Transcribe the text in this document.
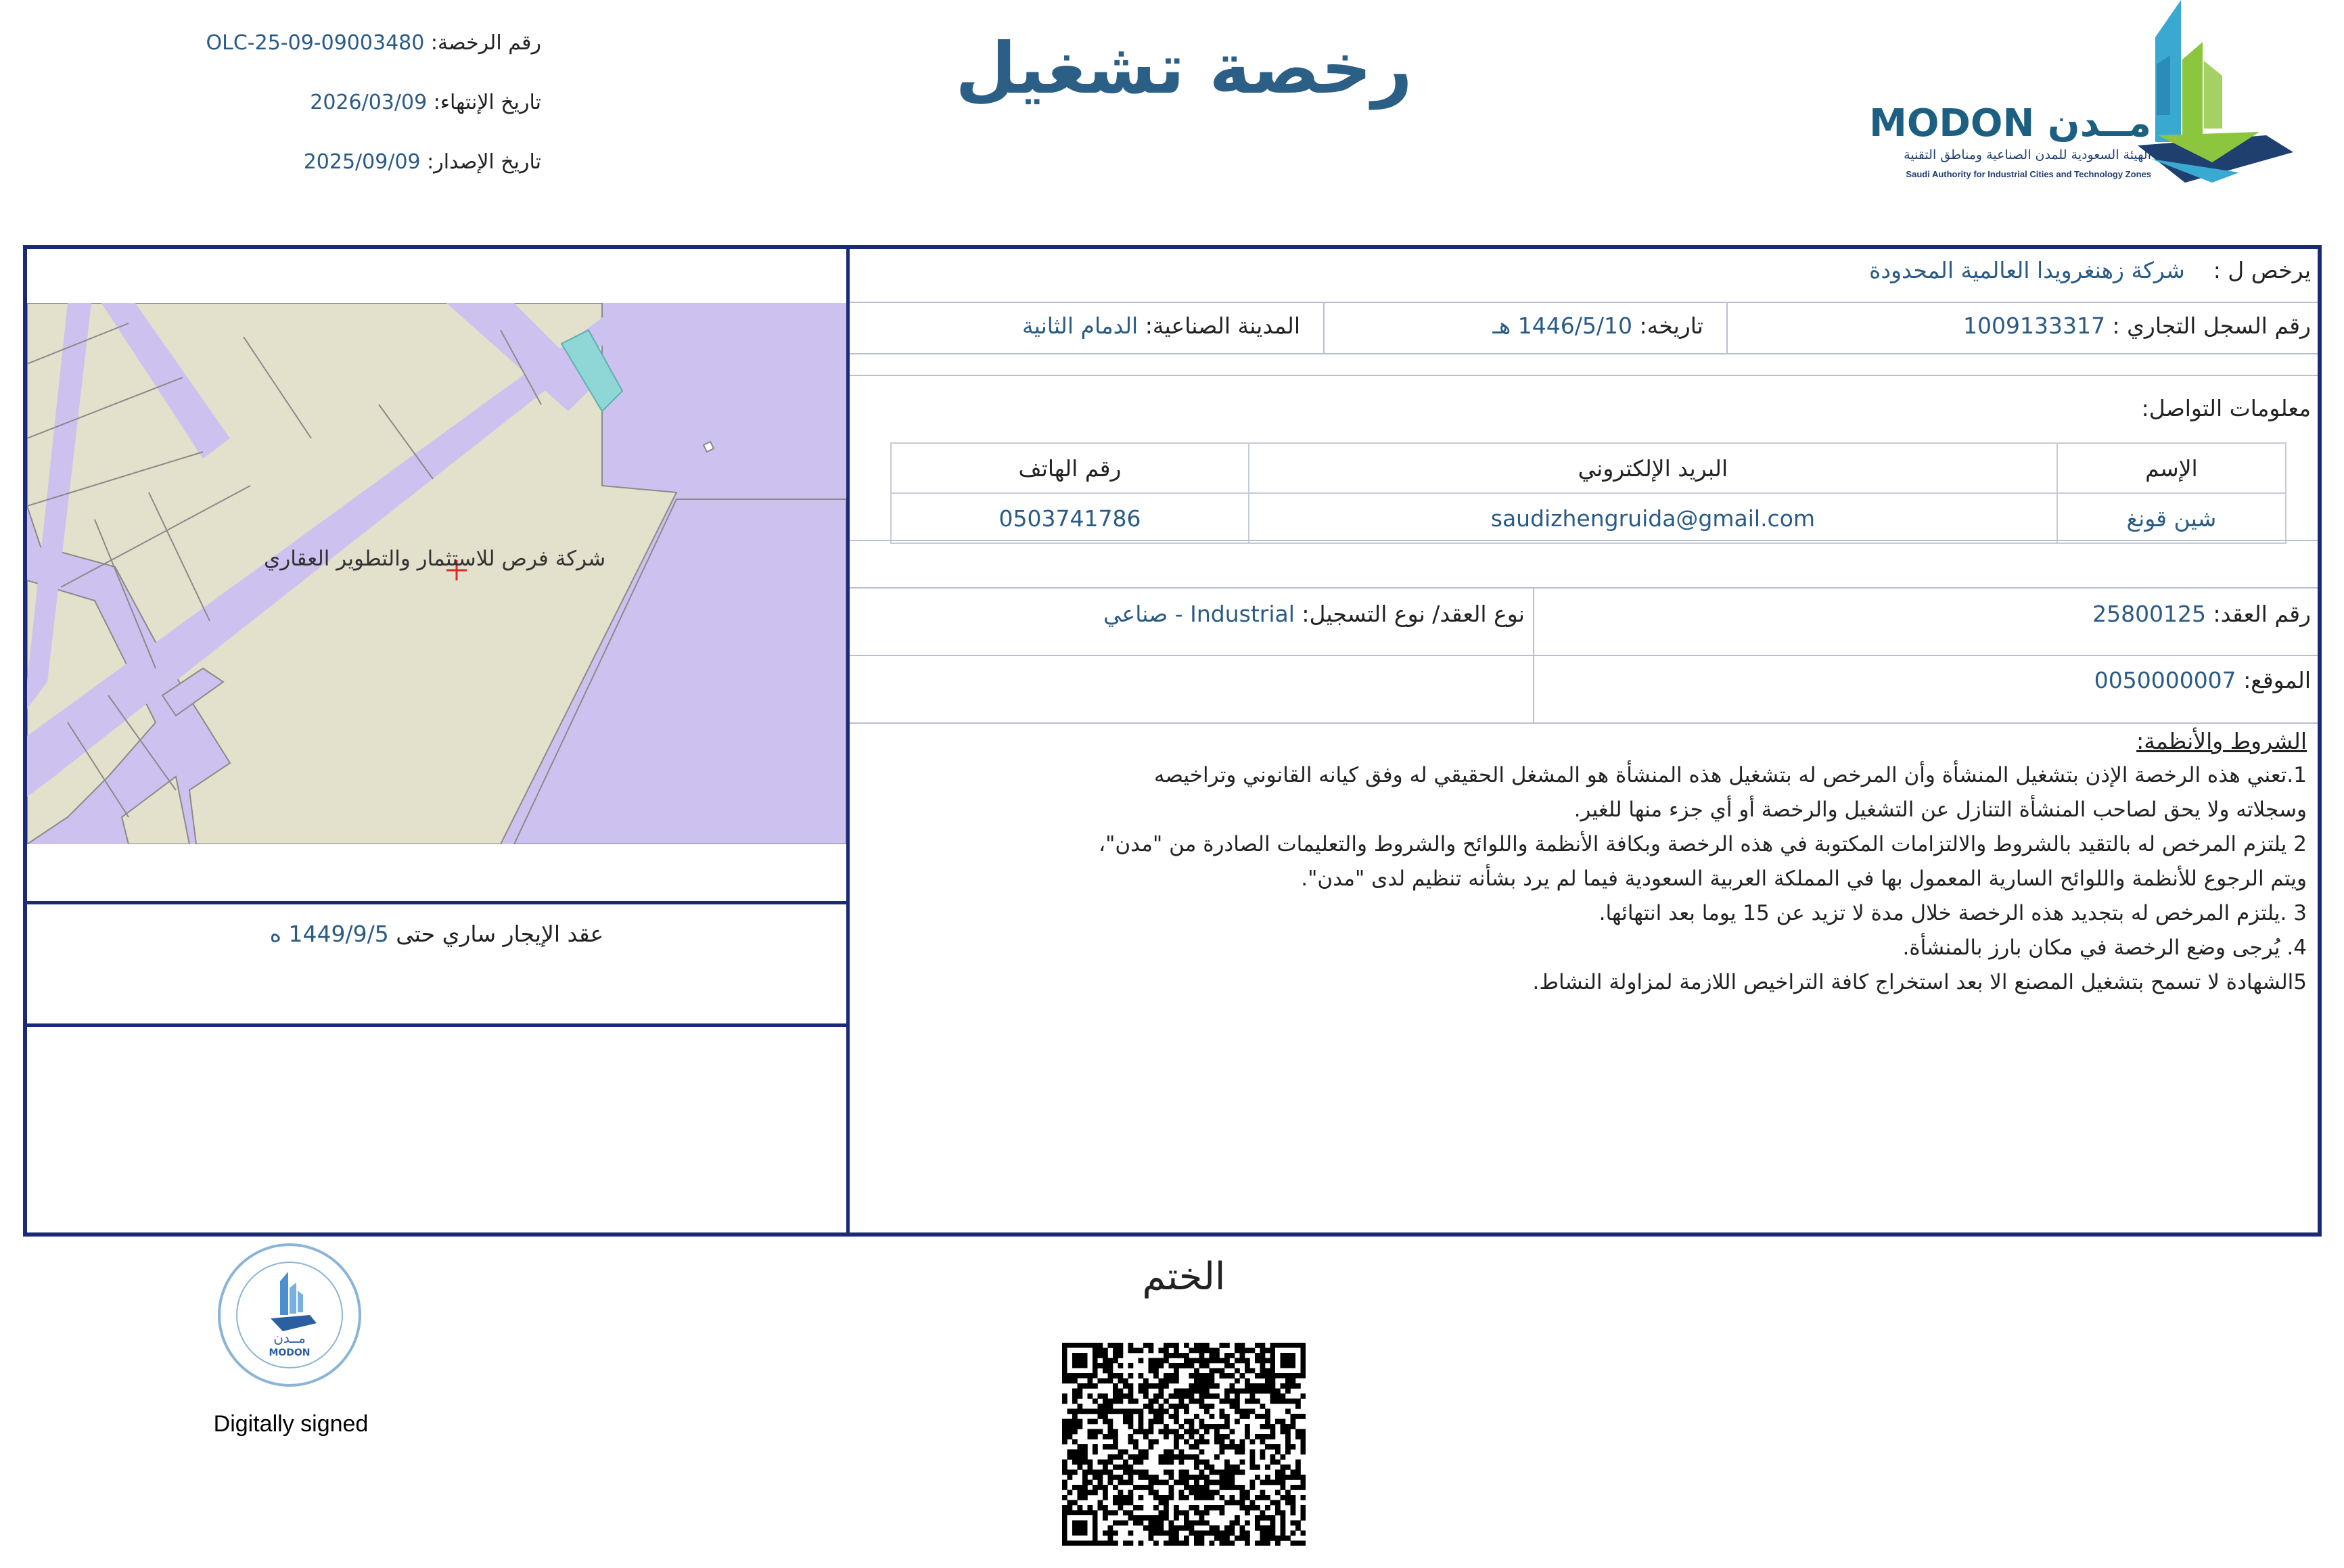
رقم الرخصة: OLC-25-09-09003480
تاريخ الإنتهاء: 2026/03/09
تاريخ الإصدار: 2025/09/09
رخصة تشغيل
MODON مــدن
الهيئة السعودية للمدن الصناعية ومناطق التقنية
Saudi Authority for Industrial Cities and Technology Zones
شركة فرص للاستثمار والتطوير العقاري
عقد الإيجار ساري حتى 1449/9/5 ه
يرخص ل :    شركة زهنغرويدا العالمية المحدودة
رقم السجل التجاري : 1009133317
تاريخه: 1446/5/10 هـ
المدينة الصناعية: الدمام الثانية
معلومات التواصل:
الإسم	البريد الإلكتروني	رقم الهاتف
شين قونغ	saudizhengruida@gmail.com	0503741786
رقم العقد: 25800125
نوع العقد/ نوع التسجيل: Industrial - صناعي
الموقع: 0050000007

الشروط والأنظمة:

1.تعني هذه الرخصة الإذن بتشغيل المنشأة وأن المرخص له بتشغيل هذه المنشأة هو المشغل الحقيقي له وفق كيانه القانوني وتراخيصه

وسجلاته ولا يحق لصاحب المنشأة التنازل عن التشغيل والرخصة أو أي جزء منها للغير.

2 يلتزم المرخص له بالتقيد بالشروط والالتزامات المكتوبة في هذه الرخصة وبكافة الأنظمة واللوائح والشروط والتعليمات الصادرة من "مدن"،

ويتم الرجوع للأنظمة واللوائح السارية المعمول بها في المملكة العربية السعودية فيما لم يرد بشأنه تنظيم لدى "مدن".

3 .يلتزم المرخص له بتجديد هذه الرخصة خلال مدة لا تزيد عن 15 يوما بعد انتهائها.

4. يُرجى وضع الرخصة في مكان بارز بالمنشأة.

5الشهادة لا تسمح بتشغيل المصنع الا بعد استخراج كافة التراخيص اللازمة لمزاولة النشاط.

مــدن
MODON
Digitally signed
الختم
